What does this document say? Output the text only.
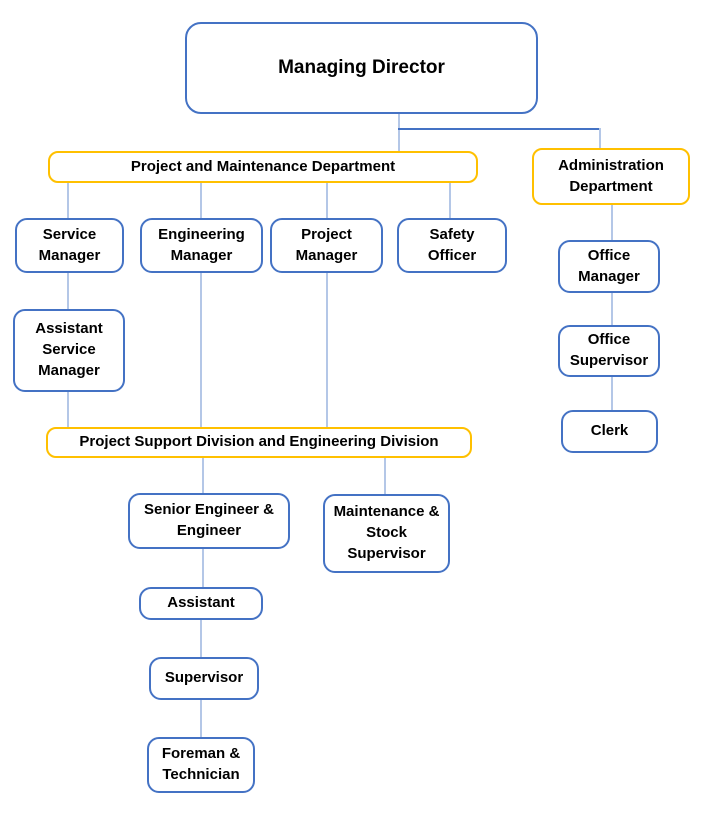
Managing Director
Project and Maintenance Department	Administration Department
Service Manager
Engineering Manager
Project Manager
Safety Officer
Assistant Service Manager
Project Support Division and Engineering Division
Senior Engineer & Engineer
Maintenance & Stock Supervisor
Assistant
Supervisor
Foreman & Technician
Office Manager
Office Supervisor
Clerk
